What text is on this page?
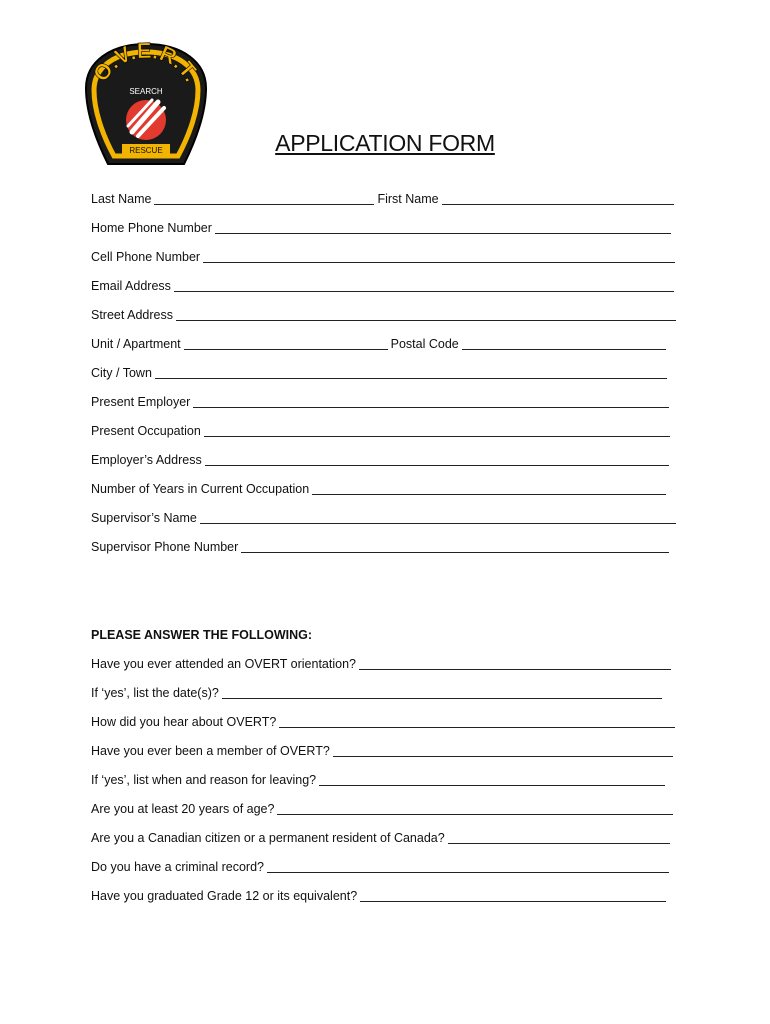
O.V.E.R.T.
SEARCH
RESCUE	APPLICATION FORM
Last Name	First Name
Home Phone Number
Cell Phone Number
Email Address
Street Address
Unit / Apartment	Postal Code
City / Town
Present Employer
Present Occupation
Employer’s Address
Number of Years in Current Occupation
Supervisor’s Name
Supervisor Phone Number
PLEASE ANSWER THE FOLLOWING:
Have you ever attended an OVERT orientation?
If ‘yes’, list the date(s)?
How did you hear about OVERT?
Have you ever been a member of OVERT?
If ‘yes’, list when and reason for leaving?
Are you at least 20 years of age?
Are you a Canadian citizen or a permanent resident of Canada?
Do you have a criminal record?
Have you graduated Grade 12 or its equivalent?
